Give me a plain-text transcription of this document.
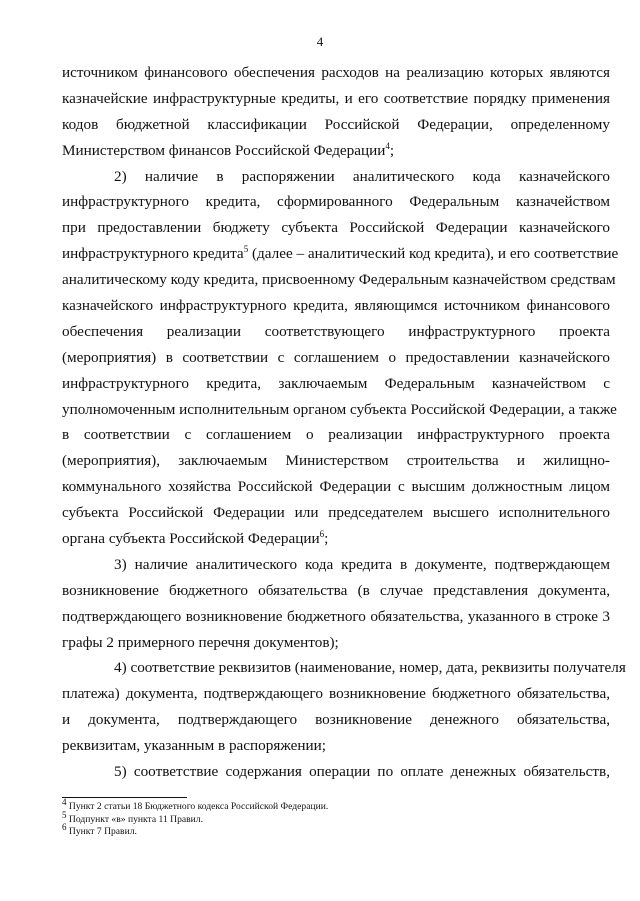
4
источником финансового обеспечения расходов на реализацию которых являются
казначейские инфраструктурные кредиты, и его соответствие порядку применения
кодов бюджетной классификации Российской Федерации, определенному
Министерством финансов Российской Федерации$^4$;
2) наличие в распоряжении аналитического кода казначейского
инфраструктурного кредита, сформированного Федеральным казначейством
при предоставлении бюджету субъекта Российской Федерации казначейского
инфраструктурного кредита$^5$ (далее – аналитический код кредита), и его соответствие
аналитическому коду кредита, присвоенному Федеральным казначейством средствам
казначейского инфраструктурного кредита, являющимся источником финансового
обеспечения реализации соответствующего инфраструктурного проекта
(мероприятия) в соответствии с соглашением о предоставлении казначейского
инфраструктурного кредита, заключаемым Федеральным казначейством с
уполномоченным исполнительным органом субъекта Российской Федерации, а также
в соответствии с соглашением о реализации инфраструктурного проекта
(мероприятия), заключаемым Министерством строительства и жилищно-
коммунального хозяйства Российской Федерации с высшим должностным лицом
субъекта Российской Федерации или председателем высшего исполнительного
органа субъекта Российской Федерации$^6$;
3) наличие аналитического кода кредита в документе, подтверждающем
возникновение бюджетного обязательства (в случае представления документа,
подтверждающего возникновение бюджетного обязательства, указанного в строке 3
графы 2 примерного перечня документов);
4) соответствие реквизитов (наименование, номер, дата, реквизиты получателя
платежа) документа, подтверждающего возникновение бюджетного обязательства,
и документа, подтверждающего возникновение денежного обязательства,
реквизитам, указанным в распоряжении;
5) соответствие содержания операции по оплате денежных обязательств,
$^4$ Пункт 2 статьи 18 Бюджетного кодекса Российской Федерации.
$^5$ Подпункт «в» пункта 11 Правил.
$^6$ Пункт 7 Правил.
